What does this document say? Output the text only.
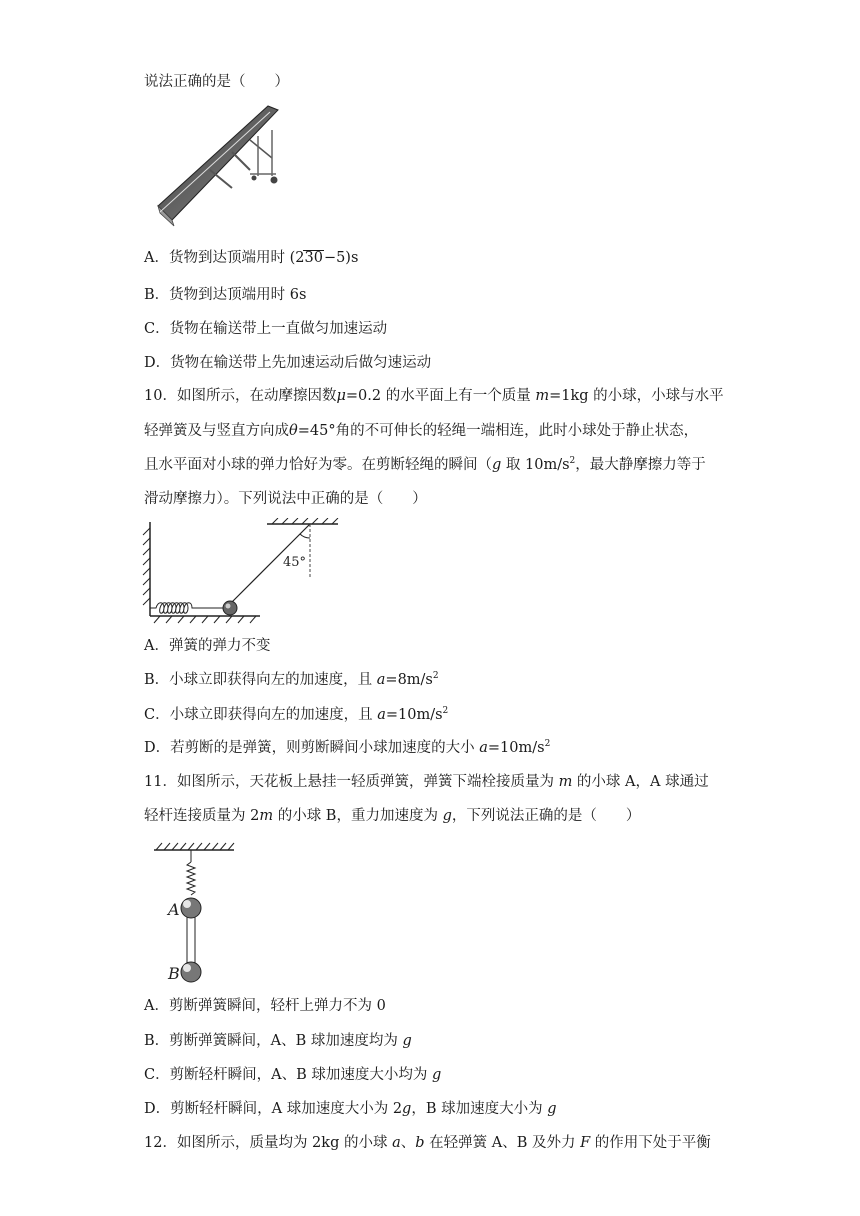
说法正确的是（　　）
A．货物到达顶端用时 (230−5)s
B．货物到达顶端用时 6s
C．货物在输送带上一直做匀加速运动
D．货物在输送带上先加速运动后做匀速运动
10．如图所示，在动摩擦因数μ=0.2 的水平面上有一个质量 m=1kg 的小球，小球与水平
轻弹簧及与竖直方向成θ=45°角的不可伸长的轻绳一端相连，此时小球处于静止状态，
且水平面对小球的弹力恰好为零。在剪断轻绳的瞬间（g 取 $10m/s^2$，最大静摩擦力等于
滑动摩擦力）。下列说法中正确的是（　　）
45°
A．弹簧的弹力不变
B．小球立即获得向左的加速度，且 $a=8m/s^2$
C．小球立即获得向左的加速度，且 $a=10m/s^2$
D．若剪断的是弹簧，则剪断瞬间小球加速度的大小 $a=10m/s^2$
11．如图所示，天花板上悬挂一轻质弹簧，弹簧下端栓接质量为 m 的小球 A，A 球通过
轻杆连接质量为 2m 的小球 B，重力加速度为 g，下列说法正确的是（　　）
A
B
A．剪断弹簧瞬间，轻杆上弹力不为 0
B．剪断弹簧瞬间，A、B 球加速度均为 g
C．剪断轻杆瞬间，A、B 球加速度大小均为 g
D．剪断轻杆瞬间，A 球加速度大小为 2g，B 球加速度大小为 g
12．如图所示，质量均为 2kg 的小球 a、b 在轻弹簧 A、B 及外力 F 的作用下处于平衡
